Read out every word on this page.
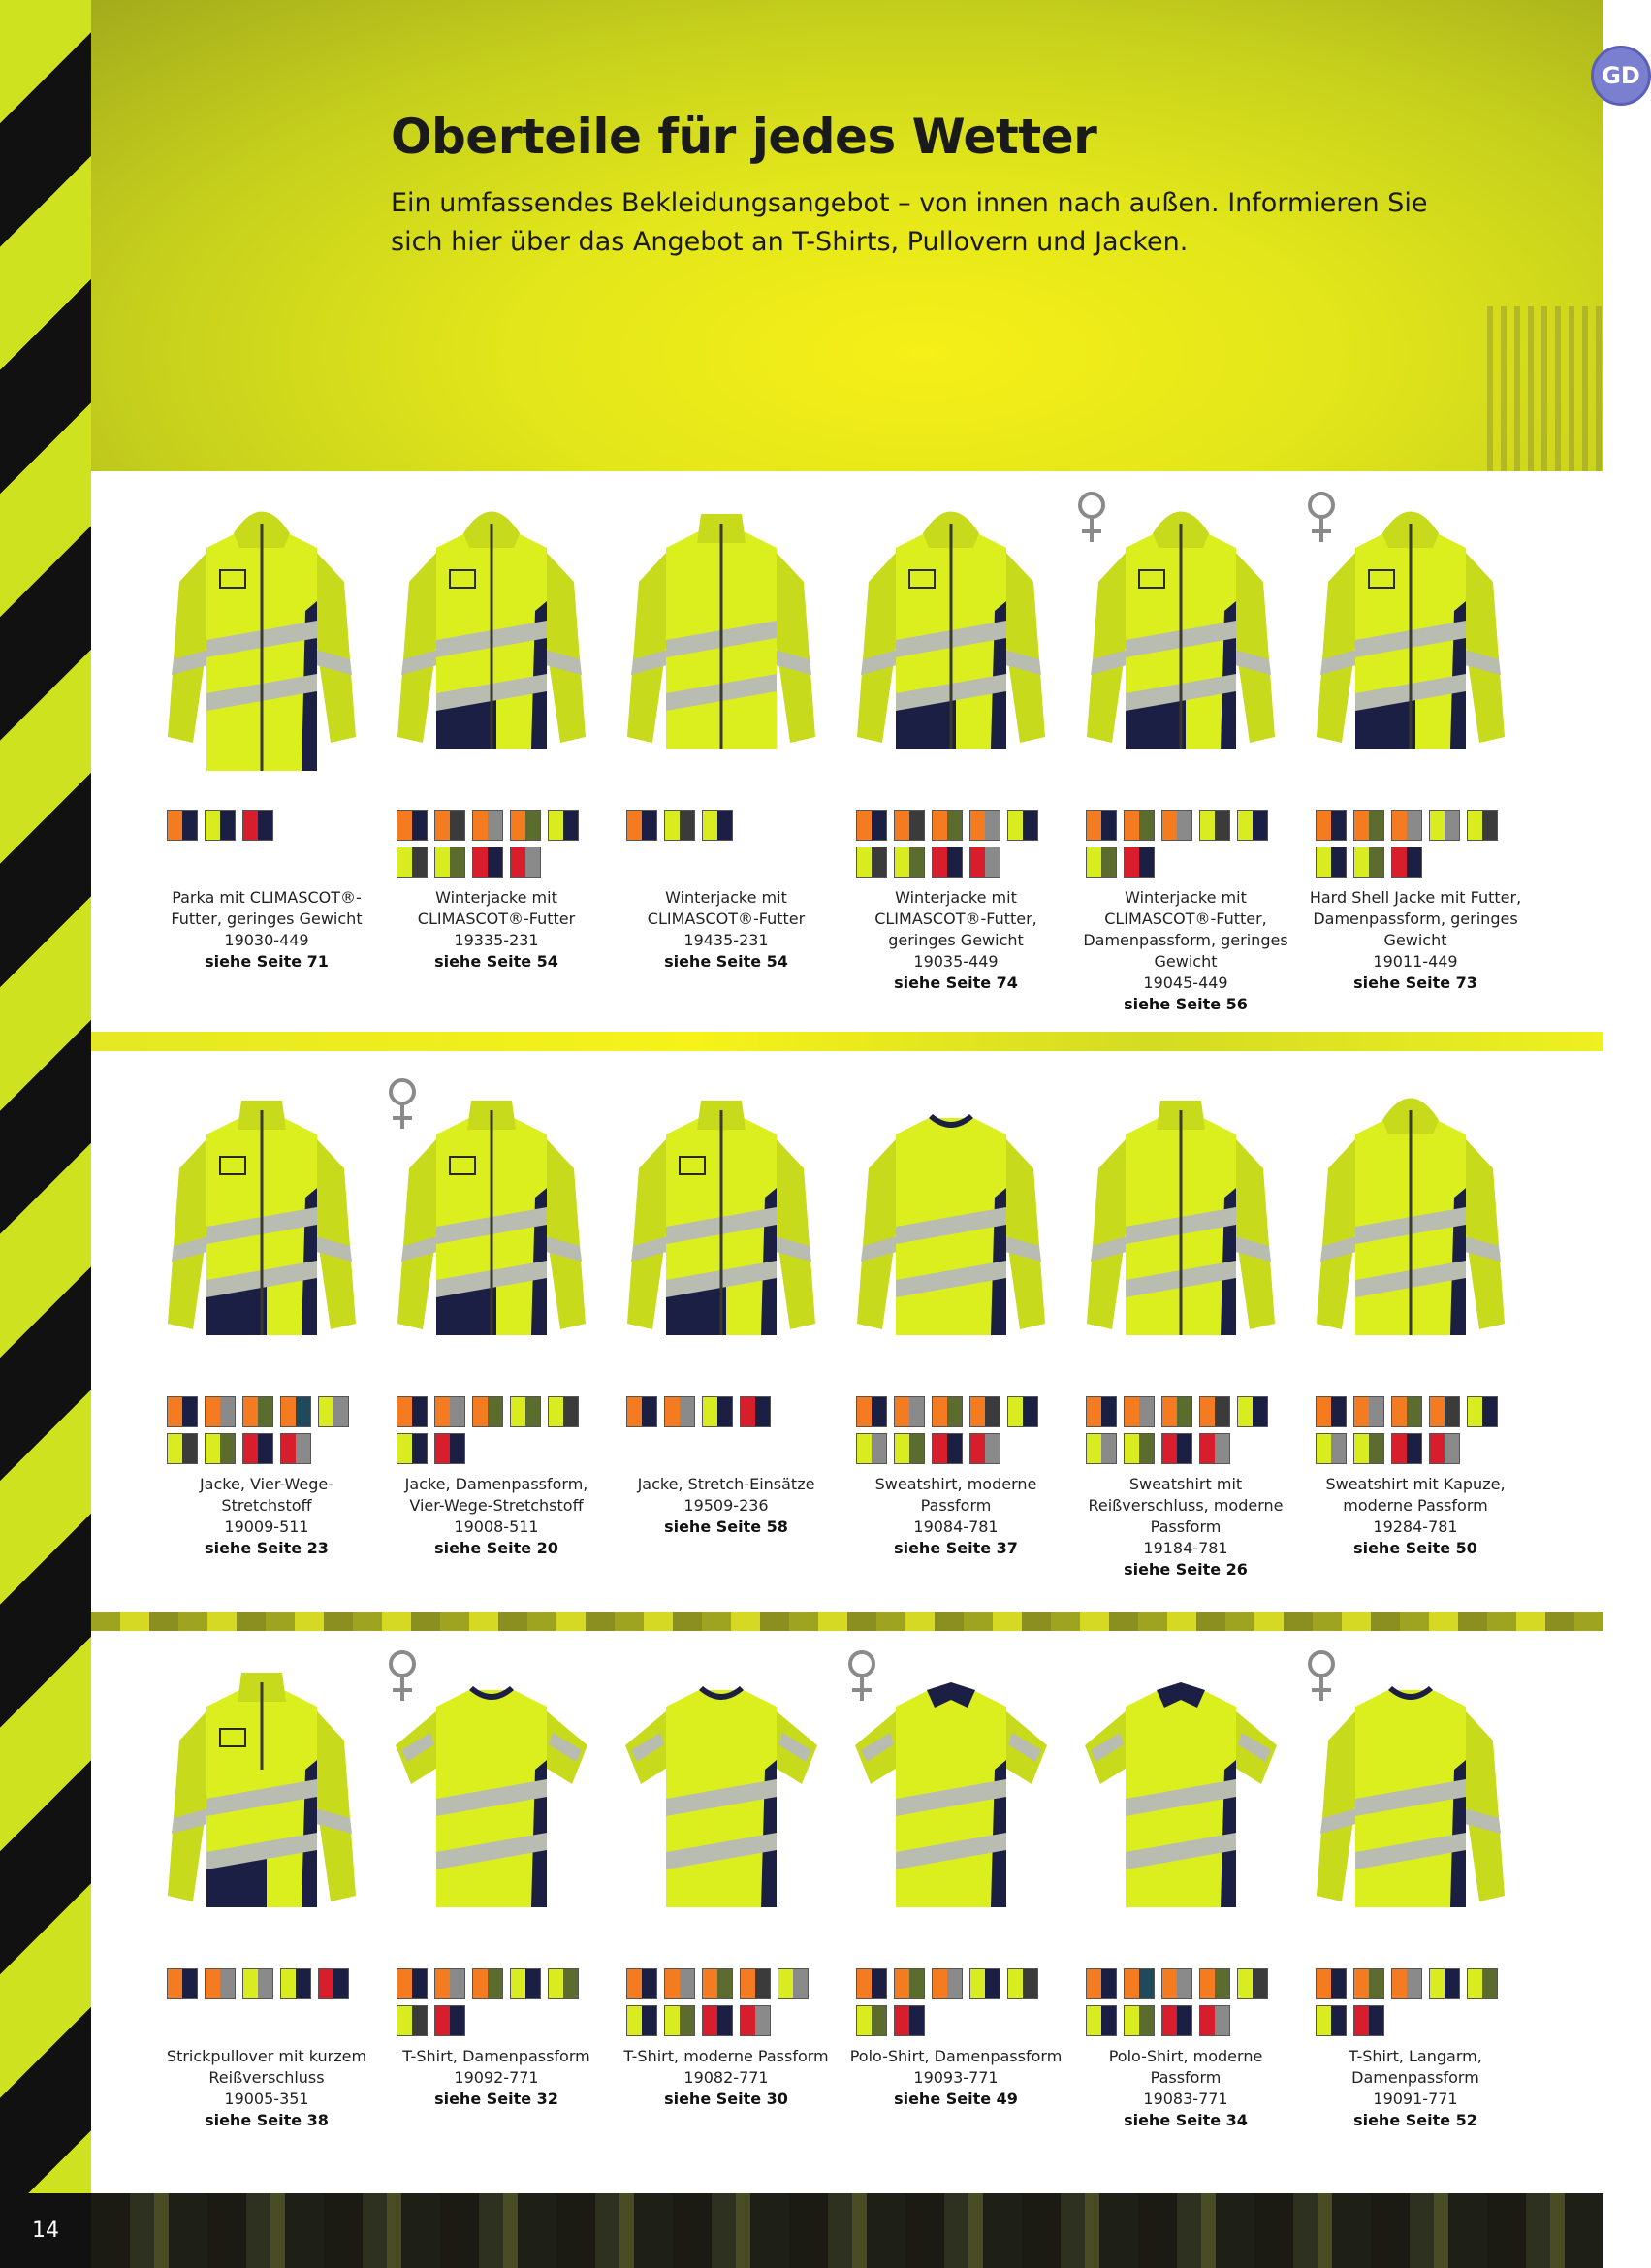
Oberteile für jedes Wetter

Ein umfassendes Bekleidungsangebot – von innen nach außen. Informieren Sie sich hier über das Angebot an T-Shirts, Pullovern und Jacken.

GD
Parka mit CLIMASCOT®-Futter, geringes Gewicht
19030-449
siehe Seite 71
Winterjacke mit CLIMASCOT®-Futter
19335-231
siehe Seite 54
Winterjacke mit CLIMASCOT®-Futter
19435-231
siehe Seite 54
Winterjacke mit CLIMASCOT®-Futter, geringes Gewicht
19035-449
siehe Seite 74
Winterjacke mit CLIMASCOT®-Futter, Damenpassform, geringes Gewicht
19045-449
siehe Seite 56
Hard Shell Jacke mit Futter, Damenpassform, geringes Gewicht
19011-449
siehe Seite 73
Jacke, Vier-Wege-Stretchstoff
19009-511
siehe Seite 23
Jacke, Damenpassform, Vier-Wege-Stretchstoff
19008-511
siehe Seite 20
Jacke, Stretch-Einsätze
19509-236
siehe Seite 58
Sweatshirt, moderne Passform
19084-781
siehe Seite 37
Sweatshirt mit Reißverschluss, moderne Passform
19184-781
siehe Seite 26
Sweatshirt mit Kapuze, moderne Passform
19284-781
siehe Seite 50
Strickpullover mit kurzem Reißverschluss
19005-351
siehe Seite 38
T-Shirt, Damenpassform
19092-771
siehe Seite 32
T-Shirt, moderne Passform
19082-771
siehe Seite 30
Polo-Shirt, Damenpassform
19093-771
siehe Seite 49
Polo-Shirt, moderne Passform
19083-771
siehe Seite 34
T-Shirt, Langarm, Damenpassform
19091-771
siehe Seite 52
14
